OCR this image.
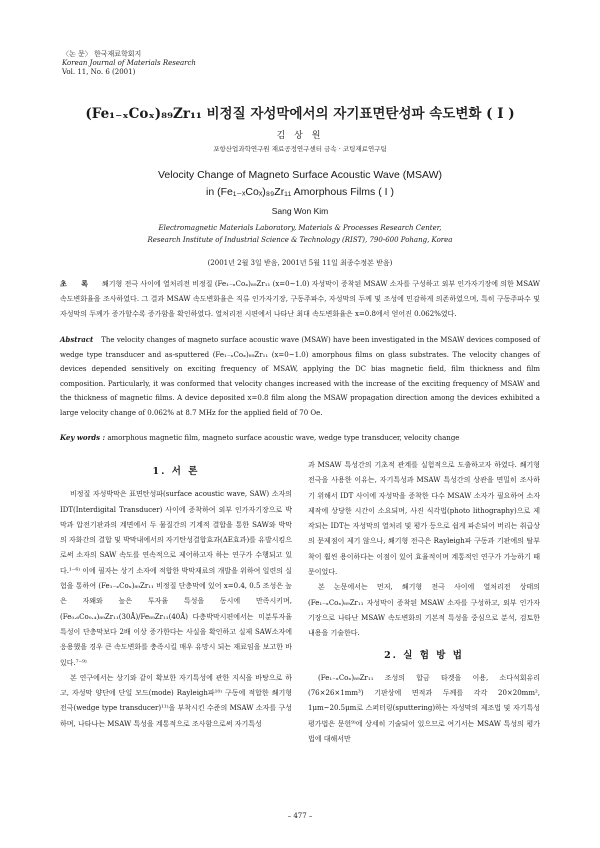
〈논 문〉 한국재료학회지
Korean Journal of Materials Research
Vol. 11, No. 6 (2001)
(Fe₁₋ₓCoₓ)₈₉Zr₁₁ 비정질 자성막에서의 자기표면탄성파 속도변화 ( I )
김 상 원
포항산업과학연구원 재료공정연구센터 금속 · 코팅재료연구팀
Velocity Change of Magneto Surface Acoustic Wave (MSAW)
in (Fe₁₋ₓCoₓ)₈₉Zr₁₁ Amorphous Films ( I )
Sang Won Kim
Electromagnetic Materials Laboratory, Materials & Processes Research Center,
Research Institute of Industrial Science & Technology (RIST), 790-600 Pohang, Korea
(2001년 2월 3일 받음, 2001년 5월 11일 최종수정본 받음)
초 록 쐐기형 전극 사이에 열처리전 비정질 (Fe₁₋ₓCoₓ)₈₉Zr₁₁ (x=0~1.0) 자성막이 증착된 MSAW 소자를 구성하고 외부 인가자기장에 의한 MSAW 속도변화율을 조사하였다. 그 결과 MSAW 속도변화율은 직류 인가자기장, 구동주파수, 자성막의 두께 및 조성에 민감하게 의존하였으며, 특히 구동주파수 및 자성막의 두께가 증가할수록 증가함을 확인하였다. 열처리전 시편에서 나타난 최대 속도변화율은 x=0.8에서 얻어진 0.062%였다.
Abstract The velocity changes of magneto surface acoustic wave (MSAW) have been investigated in the MSAW devices composed of wedge type transducer and as-sputtered (Fe₁₋ₓCoₓ)₈₉Zr₁₁ (x=0~1.0) amorphous films on glass substrates. The velocity changes of devices depended sensitively on exciting frequency of MSAW, applying the DC bias magnetic field, film thickness and film composition. Particularly, it was conformed that velocity changes increased with the increase of the exciting frequency of MSAW and the thickness of magnetic films. A device deposited x=0.8 film along the MSAW propagation direction among the devices exhibited a large velocity change of 0.062% at 8.7 MHz for the applied field of 70 Oe.
Key words : amorphous magnetic film, magneto surface acoustic wave, wedge type transducer, velocity change
1. 서 론

비정질 자성박막은 표면탄성파(surface acoustic wave, SAW) 소자의 IDT(Interdigital Transducer) 사이에 증착하여 외부 인가자기장으로 박막과 압전기판과의 계면에서 두 물질간의 기계적 결합을 통한 SAW와 박막의 자화간의 결합 및 박막내에서의 자기탄성결합효과(ΔE효과)를 유발시킴으로써 소자의 SAW 속도를 연속적으로 제어하고자 하는 연구가 수행되고 있다.¹⁻⁶⁾ 이에 필자는 상기 소자에 적합한 박막재료의 개발을 위하여 일련의 실험을 통하여 (Fe₁₋ₓCoₓ)₈₉Zr₁₁ 비정질 단층막에 있어 x=0.4, 0.5 조성은 높은 자왜와 높은 투자율 특성을 동시에 만족시키며, (Fe₀.₆Co₀.₄)₈₉Zr₁₁(30Å)/Fe₈₉Zr₁₁(40Å) 다층박막시편에서는 미분투자율특성이 단층막보다 2배 이상 증가한다는 사실을 확인하고 실제 SAW소자에 응용했을 경우 큰 속도변화를 충족시킬 매우 유망시 되는 재료임을 보고한 바 있다.⁷⁻⁹⁾

본 연구에서는 상기와 같이 확보한 자기특성에 관한 지식을 바탕으로 하고, 자성막 양단에 단일 모드(mode) Rayleigh파¹⁰⁾ 구동에 적합한 쐐기형 전극(wedge type transducer)¹¹⁾을 부착시킨 수준의 MSAW 소자를 구성하며, 나타나는 MSAW 특성을 계통적으로 조사함으로써 자기특성

과 MSAW 특성간의 기초적 관계를 실험적으로 도출하고자 하였다. 쐐기형 전극을 사용한 이유는, 자기특성과 MSAW 특성간의 상관을 면밀히 조사하기 위해서 IDT 사이에 자성막을 증착한 다수 MSAW 소자가 필요하여 소자 제작에 상당한 시간이 소요되며, 사진 식각법(photo lithography)으로 제작되는 IDT는 자성막의 열처리 및 평가 등으로 쉽게 파손되어 버리는 취급상의 문제점이 제기 않으나, 쐐기형 전극은 Rayleigh파 구동과 기판에의 탈부착이 훨씬 용이하다는 이점이 있어 효율적이며 계통적인 연구가 가능하기 때문이었다.

본 논문에서는 먼저, 쐐기형 전극 사이에 열처리전 상태의 (Fe₁₋ₓCoₓ)₈₉Zr₁₁ 자성막이 증착된 MSAW 소자를 구성하고, 외부 인가자기장으로 나타난 MSAW 속도변화의 기본적 특성을 중심으로 분석, 검토한 내용을 기술한다.

2. 실 험 방 법

(Fe₁₋ₓCoₓ)₈₉Zr₁₁ 조성의 합금 타겟을 이용, 소다석회유리(76×26×1mm³) 기판상에 면적과 두께를 각각 20×20mm², 1μm~20.5μm로 스퍼터링(sputtering)하는 자성막의 제조법 및 자기특성 평가법은 문헌⁹⁾에 상세히 기술되어 있으므로 여기서는 MSAW 특성의 평가법에 대해서만

– 477 –
